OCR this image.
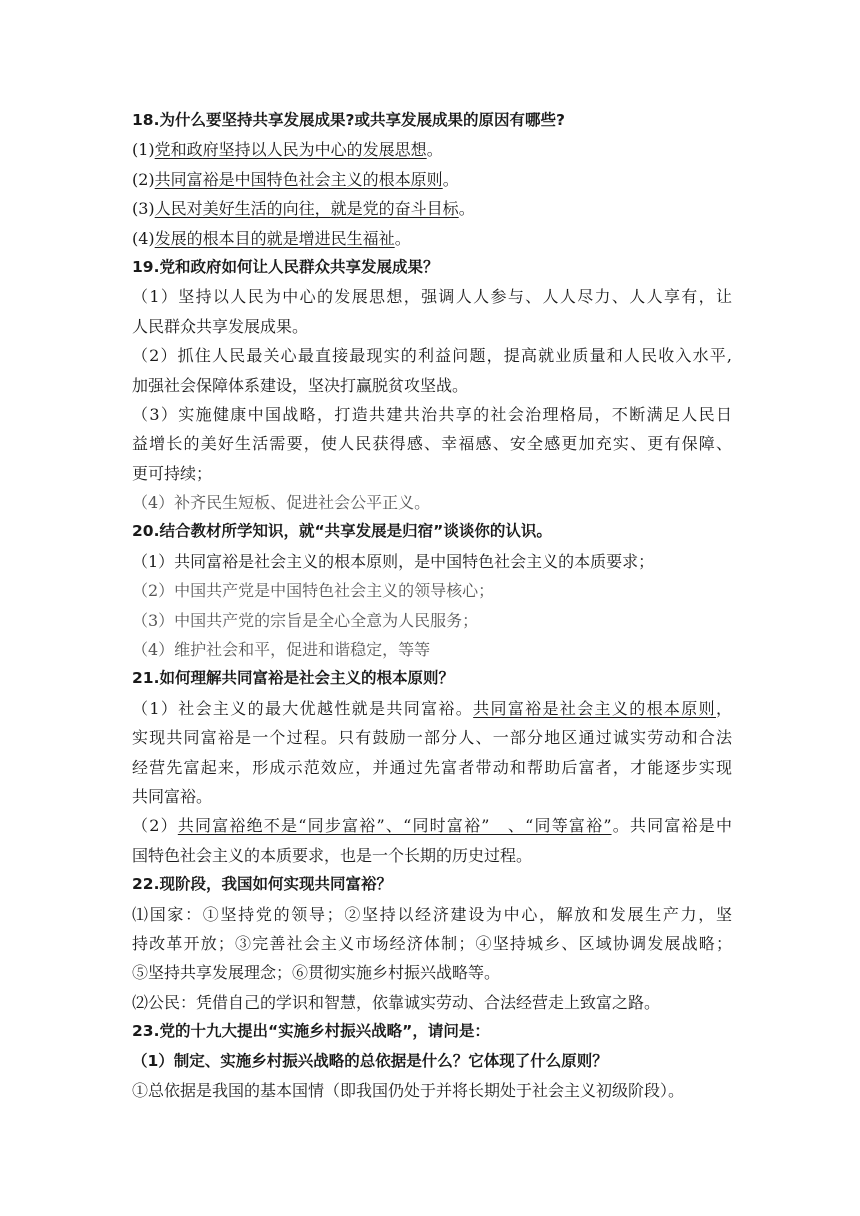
18.为什么要坚持共享发展成果?或共享发展成果的原因有哪些?
(1)党和政府坚持以人民为中心的发展思想。
(2)共同富裕是中国特色社会主义的根本原则。
(3)人民对美好生活的向往，就是党的奋斗目标。
(4)发展的根本目的就是增进民生福祉。
19.党和政府如何让人民群众共享发展成果？
（1）坚持以人民为中心的发展思想，强调人人参与、人人尽力、人人享有，让
人民群众共享发展成果。
（2）抓住人民最关心最直接最现实的利益问题，提高就业质量和人民收入水平,
加强社会保障体系建设，坚决打赢脱贫攻坚战。
（3）实施健康中国战略，打造共建共治共享的社会治理格局，不断满足人民日
益增长的美好生活需要，使人民获得感、幸福感、安全感更加充实、更有保障、
更可持续；
（4）补齐民生短板、促进社会公平正义。
20.结合教材所学知识，就“共享发展是归宿”谈谈你的认识。
（1）共同富裕是社会主义的根本原则，是中国特色社会主义的本质要求；
（2）中国共产党是中国特色社会主义的领导核心；
（3）中国共产党的宗旨是全心全意为人民服务；
（4）维护社会和平，促进和谐稳定，等等
21.如何理解共同富裕是社会主义的根本原则？
（1）社会主义的最大优越性就是共同富裕。共同富裕是社会主义的根本原则，
实现共同富裕是一个过程。只有鼓励一部分人、一部分地区通过诚实劳动和合法
经营先富起来，形成示范效应，并通过先富者带动和帮助后富者，才能逐步实现
共同富裕。
（2）共同富裕绝不是“同步富裕”、“同时富裕”　、“同等富裕”。共同富裕是中
国特色社会主义的本质要求，也是一个长期的历史过程。
22.现阶段，我国如何实现共同富裕？
⑴国家：①坚持党的领导；②坚持以经济建设为中心，解放和发展生产力，坚
持改革开放；③完善社会主义市场经济体制；④坚持城乡、区域协调发展战略；
⑤坚持共享发展理念；⑥贯彻实施乡村振兴战略等。
⑵公民：凭借自己的学识和智慧，依靠诚实劳动、合法经营走上致富之路。
23.党的十九大提出“实施乡村振兴战略”，请问是：
（1）制定、实施乡村振兴战略的总依据是什么？它体现了什么原则？
①总依据是我国的基本国情（即我国仍处于并将长期处于社会主义初级阶段）。
